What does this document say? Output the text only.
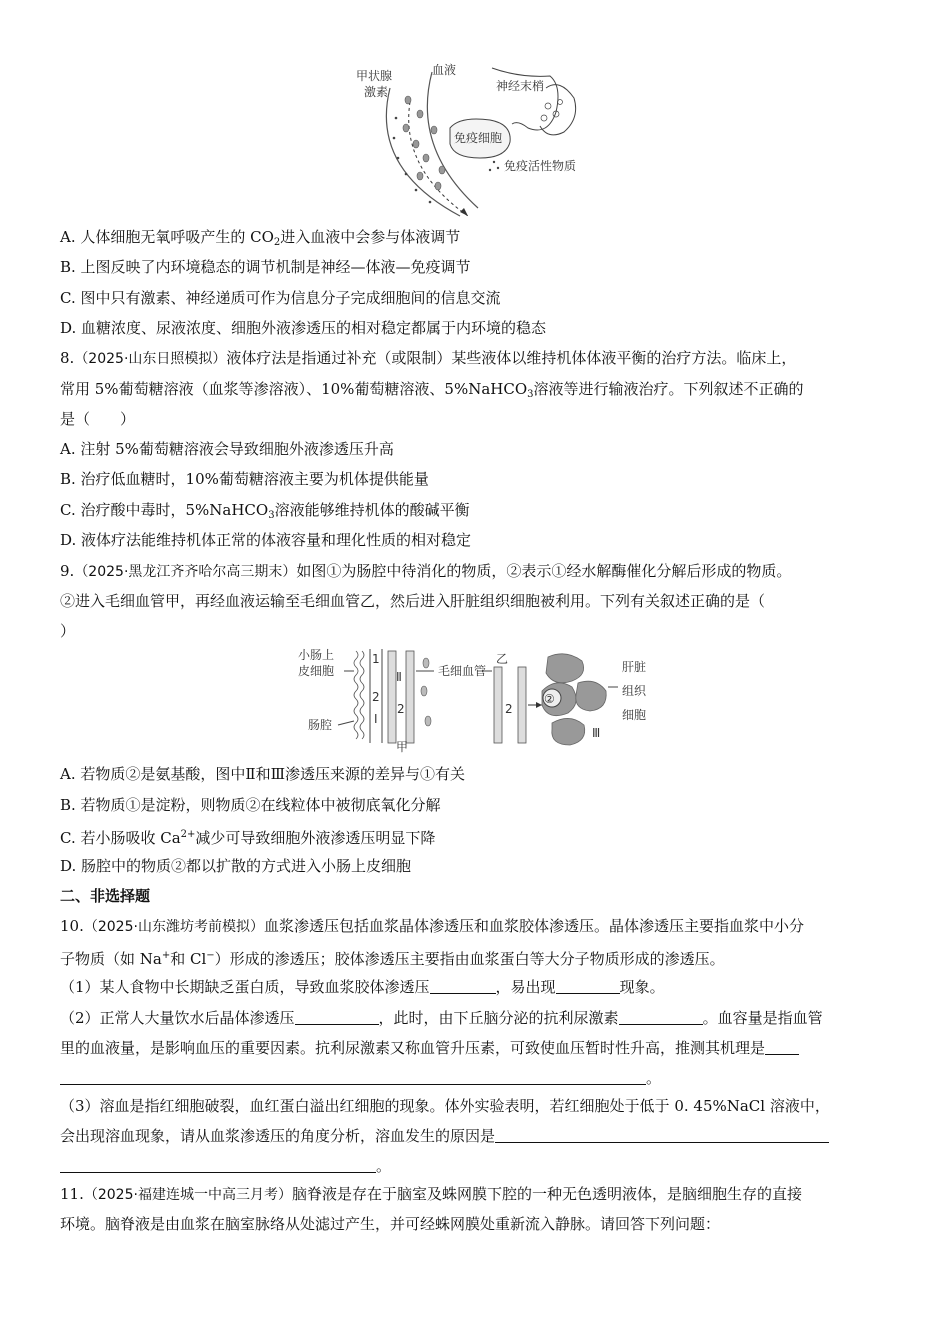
甲状腺
激素
血液
神经末梢
免疫细胞
免疫活性物质
A. 人体细胞无氧呼吸产生的 $CO_2$进入血液中会参与体液调节
B. 上图反映了内环境稳态的调节机制是神经—体液—免疫调节
C. 图中只有激素、神经递质可作为信息分子完成细胞间的信息交流
D. 血糖浓度、尿液浓度、细胞外液渗透压的相对稳定都属于内环境的稳态
8.（2025·山东日照模拟）液体疗法是指通过补充（或限制）某些液体以维持机体体液平衡的治疗方法。临床上，
常用 5%葡萄糖溶液（血浆等渗溶液）、10%葡萄糖溶液、5%NaHCO$_3$溶液等进行输液治疗。下列叙述不正确的
是（　　）
A. 注射 5%葡萄糖溶液会导致细胞外液渗透压升高
B. 治疗低血糖时，10%葡萄糖溶液主要为机体提供能量
C. 治疗酸中毒时，5%NaHCO$_3$溶液能够维持机体的酸碱平衡
D. 液体疗法能维持机体正常的体液容量和理化性质的相对稳定
9.（2025·黑龙江齐齐哈尔高三期末）如图①为肠腔中待消化的物质，②表示①经水解酶催化分解后形成的物质。
②进入毛细血管甲，再经血液运输至毛细血管乙，然后进入肝脏组织细胞被利用。下列有关叙述正确的是（
）
小肠上
皮细胞
肠腔
1
2
Ⅰ
Ⅱ
2
甲
毛细血管
乙
2
②
Ⅲ
肝脏
组织
细胞
A. 若物质②是氨基酸，图中Ⅱ和Ⅲ渗透压来源的差异与①有关
B. 若物质①是淀粉，则物质②在线粒体中被彻底氧化分解
C. 若小肠吸收 $Ca^{2+}$减少可导致细胞外液渗透压明显下降
D. 肠腔中的物质②都以扩散的方式进入小肠上皮细胞
二、非选择题
10.（2025·山东潍坊考前模拟）血浆渗透压包括血浆晶体渗透压和血浆胶体渗透压。晶体渗透压主要指血浆中小分
子物质（如 Na+和 Cl−）形成的渗透压；胶体渗透压主要指由血浆蛋白等大分子物质形成的渗透压。
（1）某人食物中长期缺乏蛋白质，导致血浆胶体渗透压	，易出现	现象。
（2）正常人大量饮水后晶体渗透压	，此时，由下丘脑分泌的抗利尿激素	。血容量是指血管
里的血液量，是影响血压的重要因素。抗利尿激素又称血管升压素，可致使血压暂时性升高，推测其机理是
。
（3）溶血是指红细胞破裂，血红蛋白溢出红细胞的现象。体外实验表明，若红细胞处于低于 0. 45%NaCl 溶液中，
会出现溶血现象，请从血浆渗透压的角度分析，溶血发生的原因是
。
11.（2025·福建连城一中高三月考）脑脊液是存在于脑室及蛛网膜下腔的一种无色透明液体，是脑细胞生存的直接
环境。脑脊液是由血浆在脑室脉络从处滤过产生，并可经蛛网膜处重新流入静脉。请回答下列问题：
